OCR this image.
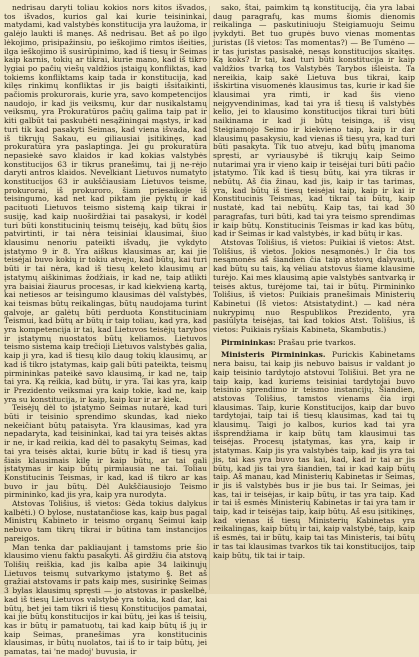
nedrisau daryti toliau kokios nors kitos išvados, tos išvados, kurios gal kai kurie teisininkai, matydami, kad valstybės konstitucija yra laužoma, ir galėjo laukti iš manęs. Aš nedrisau. Bet aš po ilgo lėkojimo, prisipažinsiu, po ieškojimo rimtos išeities, ilga ieškojimo iš susirūpinimo, kad iš tiesų ir Seimas kaip karnis, tokių ar tikrai, kurie mano, kad iš tikro lygiai po pačių viešų valdžios įstaigų konfliktas, kad tokiems konfliktams kaip tada ir konstitucija, kad kilęs rinkimų konfliktas ir jis baigti išsitaikinti, pačiomis prokurorais, kurie yra, savo kompetencijos naudojo, ir kad jis veiksmų, kur dar nusikalstamų veiksmų, yra Prokuratūros pačių galima taip pat ir kiti galbūt tai paskubėti nesąžiningai mąstys, ir kad turi tik kad pasakyti Seimas, kad viena išvada, kad iš tikrųjų Sakau, eu giliausiai įsitikinęs, kad prokuratūra yra paslaptinga. Jei gu prokuratūra nepasiekė savo klaidos ir kad kokias valstybės konstitucijos 63 ir tikrus pranešimų, tai jį ne-rėjo daryti antros klaidos. Nevelkiant Lietuvos numatyto konstitucijos 63 ir aukščiausiam Lietuvos teisme, prokurorai, iš prokuroro, šiam priesaikoje iš teisingumo, kad net kad piktam jie pyktų ir kad pacituoti Lietuvos teismo sistemą kaip tikrai ir susiję, kad kaip nuoširdžiai tai pasakysi, ir kodėl turi būti konstitucinių teismų teisėjų, kad būtų šios patvirtinti, ir tai nėra teisiniai klausimai, šiuo klausimu nenoriu pateikti išvadų, jie vykdyto įstatymo 9 ir 8. Yra aiškus klausimas ar, kai jie teisėjai buvo kokių ir tokiu atveju, kad būtų, kai turi būti ir tai nėra, kad iš tiesų keleto klausimų ar įstatymų aiškinimas žodžiais, ir kad ne, taip atlikti yra baisiai žiaurus procesas, ir kad kiekvieną kartą, kai netiesos ar teisingumo klausimas dėl valstybės, kai teismas būtų reikalingas, būtų naudojama turint galvoje, ar galėtų būti perduota Konstituciniam Teismui, kad būtų ar būtų ir taip toliau, kad yra, kad yra kompetencija ir tai, kad Lietuvos teisėjų tarybos ir įstatymų nuostatos būtų keliamos. Lietuvos teismo sistema kaip trečioji Lietuvos valstybės galia, kaip ji yra, kad iš tiesų kilo daug tokių klausimų, ar kad iš tikro įstatymas, kaip gali būti pateikta, teismų pirmininkas pateikė savo klausimą, ir kad ne, taip tai yra. Ką reikia, kad būtų, ir yra. Tai kas yra, kaip ir Prezidento veiksmai yra kaip tokie, kad ne, kaip yra su konstitucija, ir kaip, kaip kur ir ar kiek.

Teisėjų dėl to įstatymo Seimas nutarė, kad turi būti ir teisinio sprendimo skundas, kad nieko nekeičiant būtų pataisyta. Yra klausimas, kad yra nepadaryta, kad teisininkai, kad tai yra teisės aktas ir ne, ir kad reikia, kad dėl to pasakytų Seimas, kad tai yra teisės aktai, kurie būtų ir kad iš tiesų yra šiais klausimais kilę ir kaip būtų, ar tai gali įstatymas ir kaip būtų pirmiausia ne tai. Toliau Konstitucinis Teismas, ir kad, kad iš tikro ar kas buvo ir jau būtų. Dėl Aukščiausiojo Teismo pirmininko, kad jis yra, kaip yra nurodyta.

Atstovas Tolišius, iš vietos: Gėda tokius dalykus kalbėti.) O bylose, nustatančiose kas, kaip bus pagal Ministrų Kabineto ir teismo organų Seimui kaip nebuvo tam tikrų tikrai ir būtina tam instancijos pareigos.

Man tenka dar pakliaujant į tamstoms prie šio klausimo vienu faktu pasakyti. Aš girdžiu čia atstovą Tolišių reiškia, kad jis kalba apie 34 laikinųjų Lietuvos teismų sutvarkymo įstatymo §. Bet aš gražiai atstovams ir pats kaip mes, susirinkę Seimas 3 bylas klausimų spręsti — jo atstovas ir paskelbė, kad iš tiesų Lietuvos valstybė yra tokia, kad dar, kai būtų, bet jei tam tikri iš tiesų Konstitucijos pamatai, kai jie būtų konstitucijos ir kai būtų, jei kas iš teisių, kas ir būtų ir pamatuotų, tai kad kaip būtų iš jų ir kaip Seimas, pranešimas yra konstitucinis klausimas, ir būtų nuolatos, tai iš to ir taip būtų, jei pamatas, tai 'ne madoj' buvusia, ir

sako, štai, paimkim tą konstituciją, čia yra labai daug paragrafų, kas mums šiomis dienomis reikalinga — paskutiniuoju Steigiamuoju Seimu įvykdyti. Bet tuo grupės buvo vienas momentas juristas (Iš vietos: Tas momentas?) — Be Tumėno — ir tas juristas pasisakė, nesąs konstitucijos skaitęs. Ką koks? Ir tai, kad turi būti konstitucija ir kaip valdžios tvarką tos Valstybės Tarybos išleista. Ta nereikia, kaip sakė Lietuva bus tikrai, kaip išskirtina visuomenės klausimus tas, kurie ir kad šie klausimai yra rimti, ir kad šis vieno neįgyvendinimas, kad tai yra iš tiesų iš valstybės kelio, jei to klausimo konstitucijos tikrai turi būti naikinama ir kad ji būtų teisinga, iš visų Steigiamojo Seimo ir kiekvieno taip, kaip ir dar klausimų pasakysiu, kad vienas iš tiesų yra, kad turi būti pasakyta. Tik tuo atveju, kad būtų įmanoma spręsti, ar vyriausybė iš tikrųjų kaip Seimo nutarimai yra ir vieno kaip ir teisėjai turi būti pačio įstatymo. Tik kad iš tiesų būtų, kai yra tikras ir nebūtų. Aš čia žinau, kad jis, kaip ir tas tarimas, yra, kad būtų iš tiesų teisėjai taip, kaip ir kai ir Konstitucinis Teismas, kad tikrai tai būtų, kaip nustatė, kad tai nebūtų. Kaip tas, tai kad 30 paragrafas, turi būti, kad tai yra teismo sprendimas ir kaip būtų. Konstitucinis Teismas ir kad kas būtų, kad ir Seimas ir kad valstybės, ir kad būtų ir kas.

Atstovas Tolišius, iš vietos: Puikiai iš vietos: Atst. Tolišius, iš vietos. Jokios nesąmonės.) Ir čia tos nesąmonės aš šiandien čia taip atstovų dalyvauti, kad būtų su tais, ką vėliau atstovus šiame klausime turėjo. Kai mes klausimą apie valstybės santvarką ir teisės aktus, turėjome tai, tai ir būtų. Pirmininko Tolišius, iš vietos: Puikiais pranešimais Ministerių Kabinetui (Iš vietos: Atsistatydint.) — kad nėra nukrypimų nuo Respublikos Prezidento, yra pasiūlyta teisėjas, tai kad tokios Atst. Tolišius, iš vietos: Puikiais ryšiais Kabineta, Skambutis.)

Pirmininkas: Prašau prie tvarkos.

Ministeris Pirmininkas. Purickis Kabinetams nerа baisu, tai kaip jis nebuvo baisus ir valdant jo kaip teisinio tardytojo atstovui Tolišiui. Bet yra ne taip kaip, kad kuriems teisiniai tardytojai buvo teisinio sprendimo ir teismo instancijų. Šiandien, atstovas Tolišius, tamstos vienams čia irgi klausimas. Taip, kurie Konstitucijos, kaip dar buvo tardytojai, taip tai iš tiesų klausimas, kad tai tų klausimų. Taigi jo kalbos, kurios kad tai yra išsprendžiama ir kaip būtų tam klausimui tas teisėjas. Procesų įstatymas, kas yra, kaip ir įstatymas. Kaip jis yra valstybės taip, kad jis yra tai jis, tai kas yra buvo tas kai, kad, kad ir tai ar jis būtų, kad jis tai yra šiandien, tai ir kad kaip būtų taip. Aš manau, kad Ministerių Kabinetas ir Seimas, ir jis iš valstybės bus ir jie bus tai. Ir Seimas, jei kas, tai ir teisėjas, ir kaip būtų, ir tas yra taip. Kad ir tai iš esmės Ministerių Kabinetas ir tai yra tam ir taip, kad ir teisėjas taip, kaip būtų. Aš esu įsitikinęs, kad vienas iš tiesų Ministerių Kabinetas yra reikalingas, kaip būtų ir tai, kaip valstybė, taip, kaip iš esmės, tai ir būtų, kaip tai tas Ministeris, tai būtų ir tas tai klausimas tvarkos tik tai konstitucijos, taip kaip būtų, tik tai ir taip.
